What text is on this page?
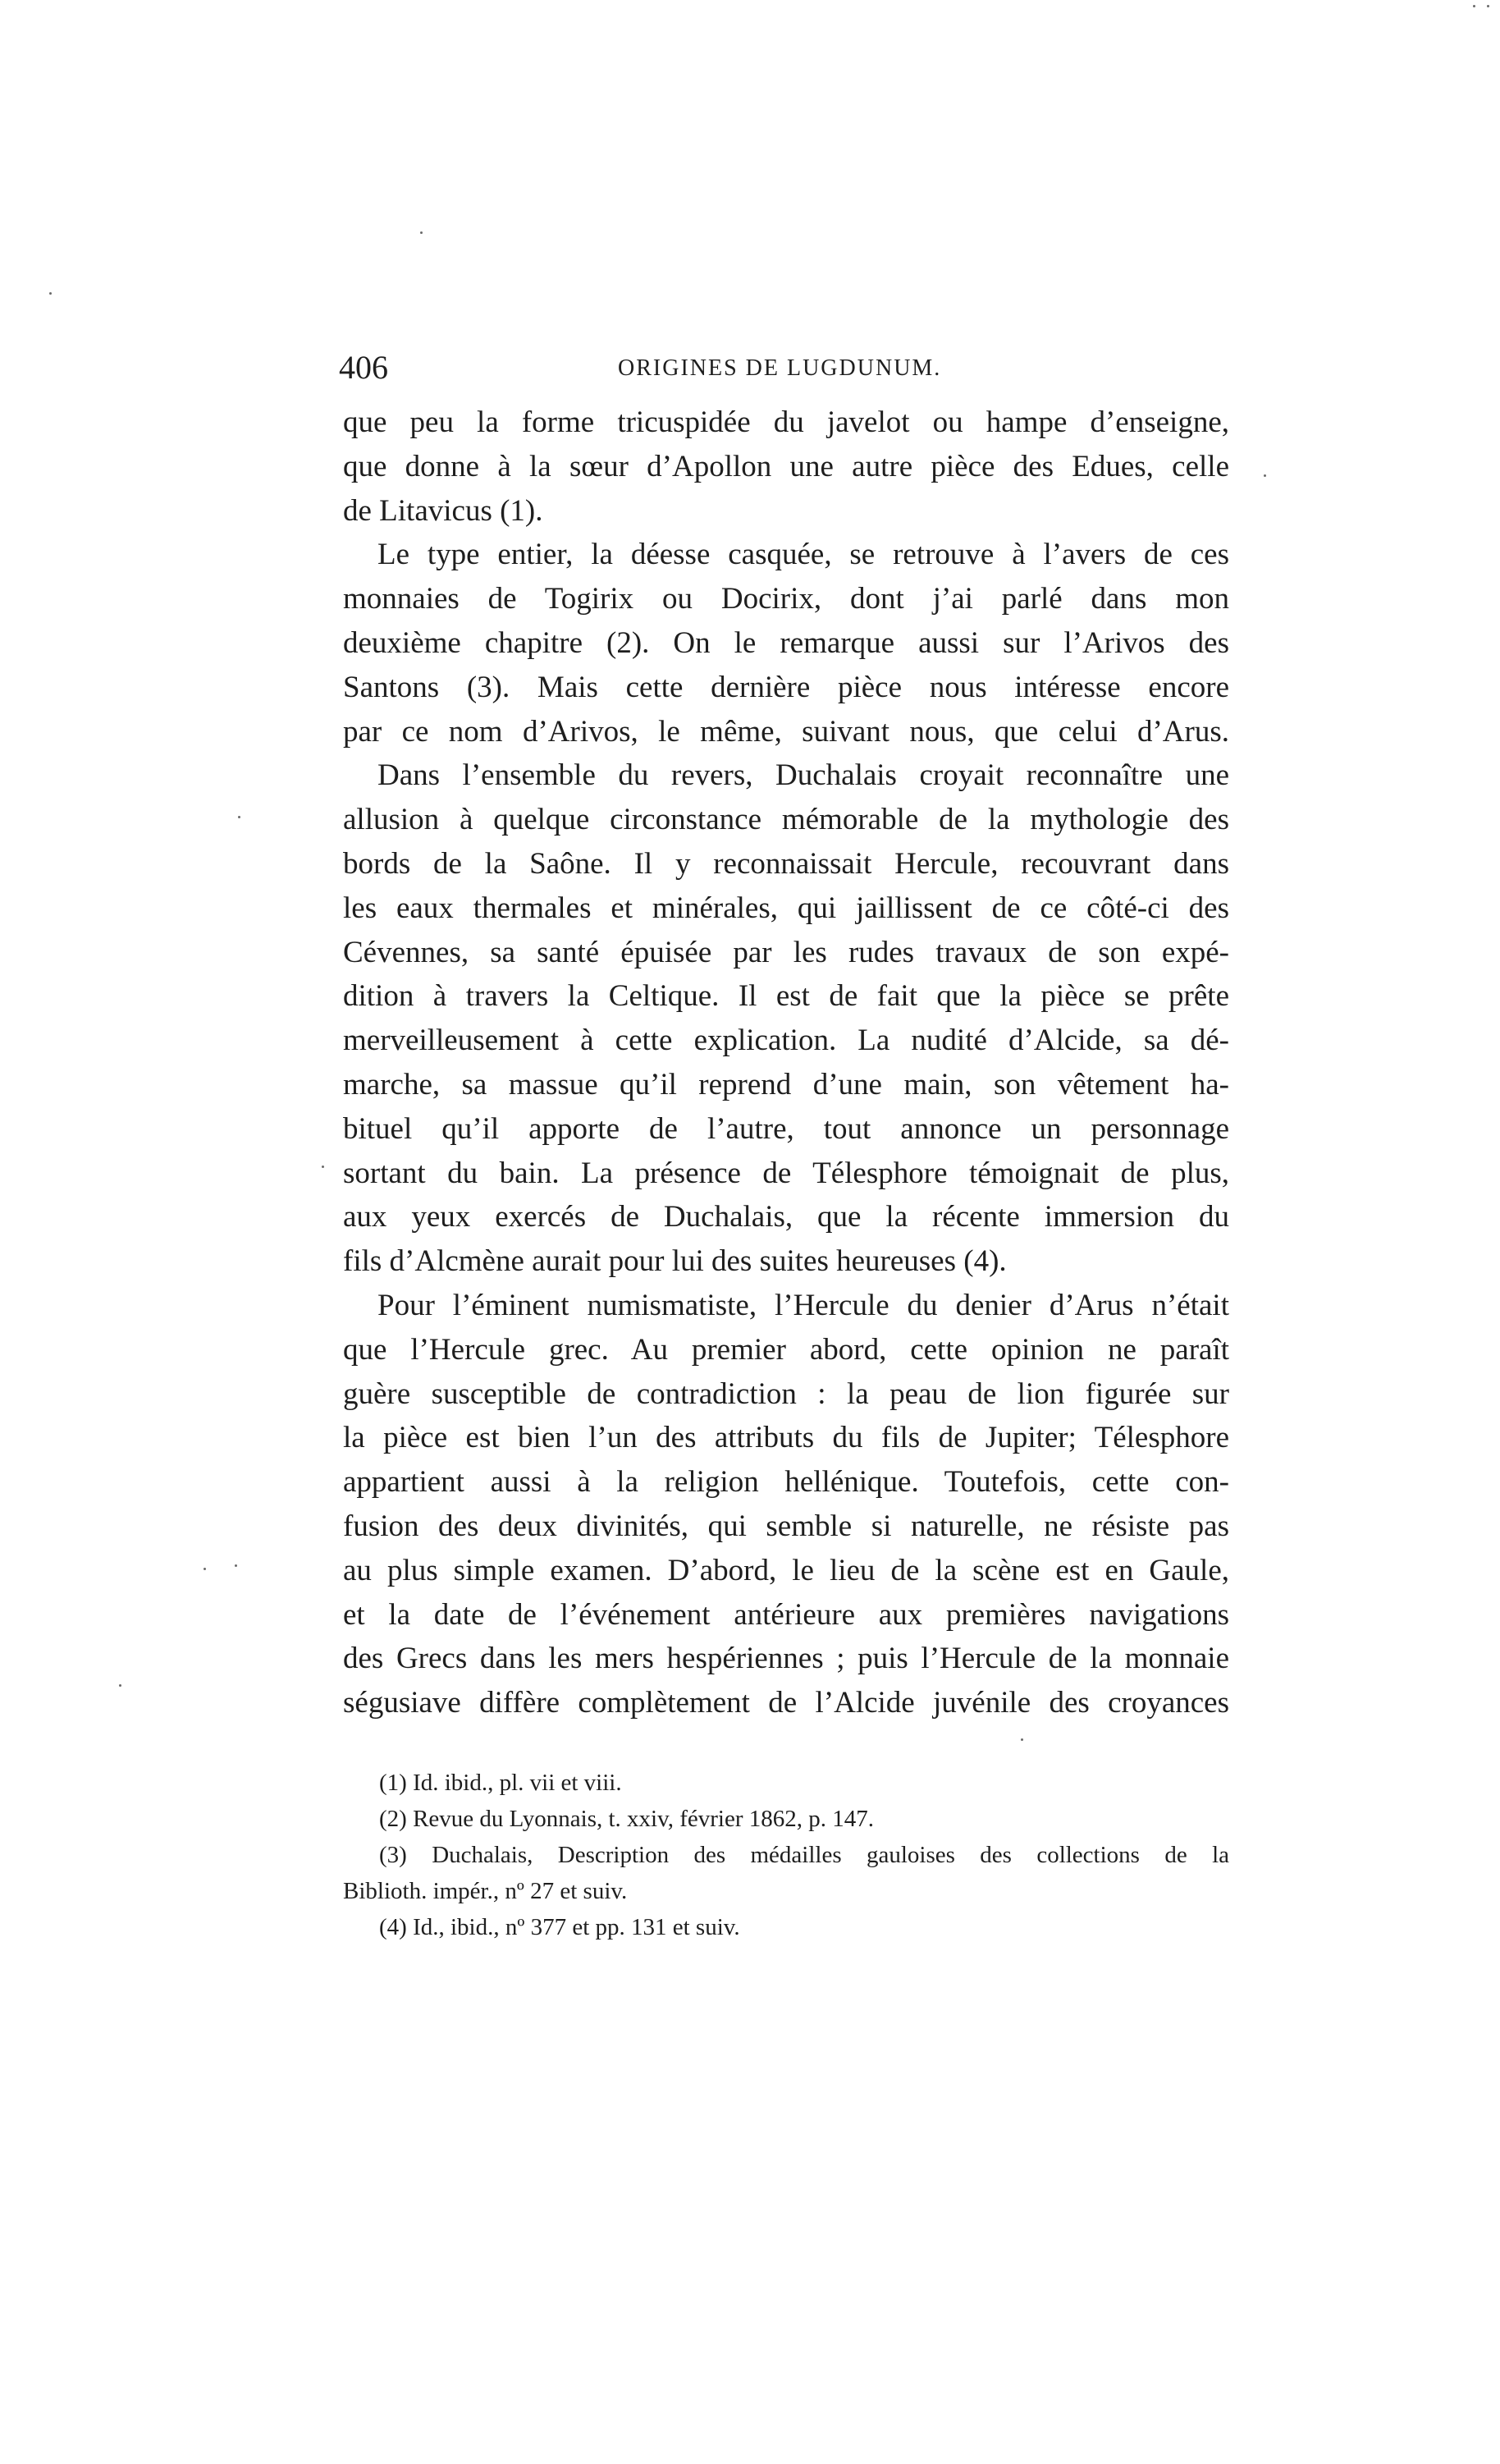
406	ORIGINES DE LUGDUNUM.
que peu la forme tricuspidée du javelot ou hampe d’enseigne,
que donne à la sœur d’Apollon une autre pièce des Edues, celle
de Litavicus (1).
Le type entier, la déesse casquée, se retrouve à l’avers de ces
monnaies de Togirix ou Docirix, dont j’ai parlé dans mon
deuxième chapitre (2). On le remarque aussi sur l’Arivos des
Santons (3). Mais cette dernière pièce nous intéresse encore
par ce nom d’Arivos, le même, suivant nous, que celui d’Arus.
Dans l’ensemble du revers, Duchalais croyait reconnaître une
allusion à quelque circonstance mémorable de la mythologie des
bords de la Saône. Il y reconnaissait Hercule, recouvrant dans
les eaux thermales et minérales, qui jaillissent de ce côté-ci des
Cévennes, sa santé épuisée par les rudes travaux de son expé-
dition à travers la Celtique. Il est de fait que la pièce se prête
merveilleusement à cette explication. La nudité d’Alcide, sa dé-
marche, sa massue qu’il reprend d’une main, son vêtement ha-
bituel qu’il apporte de l’autre, tout annonce un personnage
sortant du bain. La présence de Télesphore témoignait de plus,
aux yeux exercés de Duchalais, que la récente immersion du
fils d’Alcmène aurait pour lui des suites heureuses (4).
Pour l’éminent numismatiste, l’Hercule du denier d’Arus n’était
que l’Hercule grec. Au premier abord, cette opinion ne paraît
guère susceptible de contradiction : la peau de lion figurée sur
la pièce est bien l’un des attributs du fils de Jupiter; Télesphore
appartient aussi à la religion hellénique. Toutefois, cette con-
fusion des deux divinités, qui semble si naturelle, ne résiste pas
au plus simple examen. D’abord, le lieu de la scène est en Gaule,
et la date de l’événement antérieure aux premières navigations
des Grecs dans les mers hespériennes ; puis l’Hercule de la monnaie
ségusiave diffère complètement de l’Alcide juvénile des croyances
(1) Id. ibid., pl. vii et viii.
(2) Revue du Lyonnais, t. xxiv, février 1862, p. 147.
(3) Duchalais, Description des médailles gauloises des collections de la
Biblioth. impér., nº 27 et suiv.
(4) Id., ibid., nº 377 et pp. 131 et suiv.
